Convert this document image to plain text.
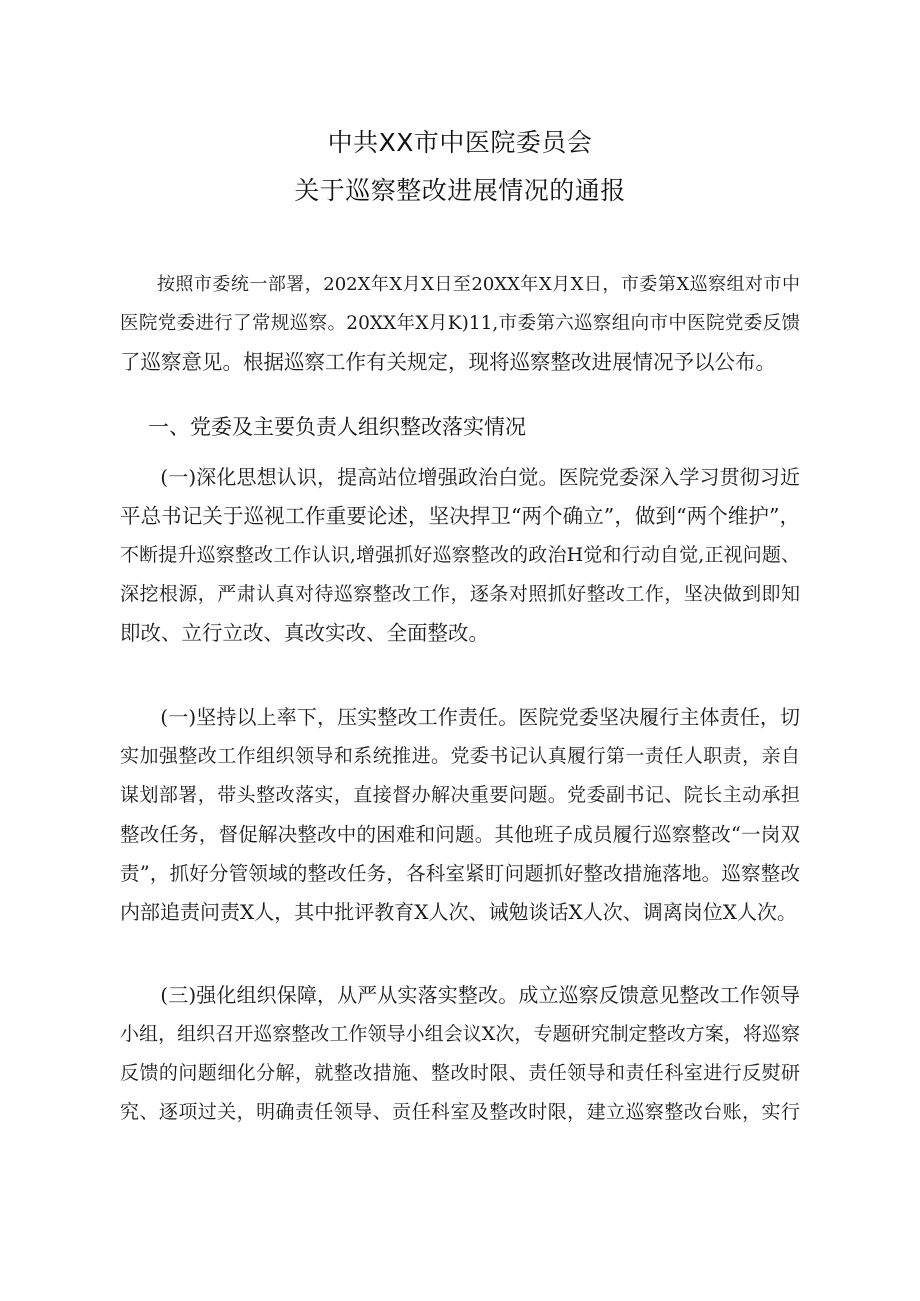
中共XX市中医院委员会
关于巡察整改进展情况的通报
　　按照市委统一部署，202X年X月X日至20XX年X月X日，市委第X巡察组对市中
医院党委进行了常规巡察。20XX年X月K)11,市委第六巡察组向市中医院党委反馈
了巡察意见。根据巡察工作有关规定，现将巡察整改进展情况予以公布。
一、党委及主要负责人组织整改落实情况
　　(一)深化思想认识，提高站位增强政治白觉。医院党委深入学习贯彻习近
平总书记关于巡视工作重要论述，坚决捍卫“两个确立”，做到“两个维护”，
不断提升巡察整改工作认识,增强抓好巡察整改的政治H觉和行动自觉,正视问题、
深挖根源，严肃认真对待巡察整改工作，逐条对照抓好整改工作，坚决做到即知
即改、立行立改、真改实改、全面整改。
　　(一)坚持以上率下，压实整改工作责任。医院党委坚决履行主体责任，切
实加强整改工作组织领导和系统推进。党委书记认真履行第一责任人职责，亲自
谋划部署，带头整改落实，直接督办解决重要问题。党委副书记、院长主动承担
整改任务，督促解决整改中的困难和问题。其他班子成员履行巡察整改“一岗双
责”，抓好分管领域的整改任务，各科室紧盯问题抓好整改措施落地。巡察整改
内部追责问责X人，其中批评教育X人次、诫勉谈话X人次、调离岗位X人次。
　　(三)强化组织保障，从严从实落实整改。成立巡察反馈意见整改工作领导
小组，组织召开巡察整改工作领导小组会议X次，专题研究制定整改方案，将巡察
反馈的问题细化分解，就整改措施、整改时限、责任领导和责任科室进行反熨研
究、逐项过关，明确责任领导、贡任科室及整改时限，建立巡察整改台账，实行
